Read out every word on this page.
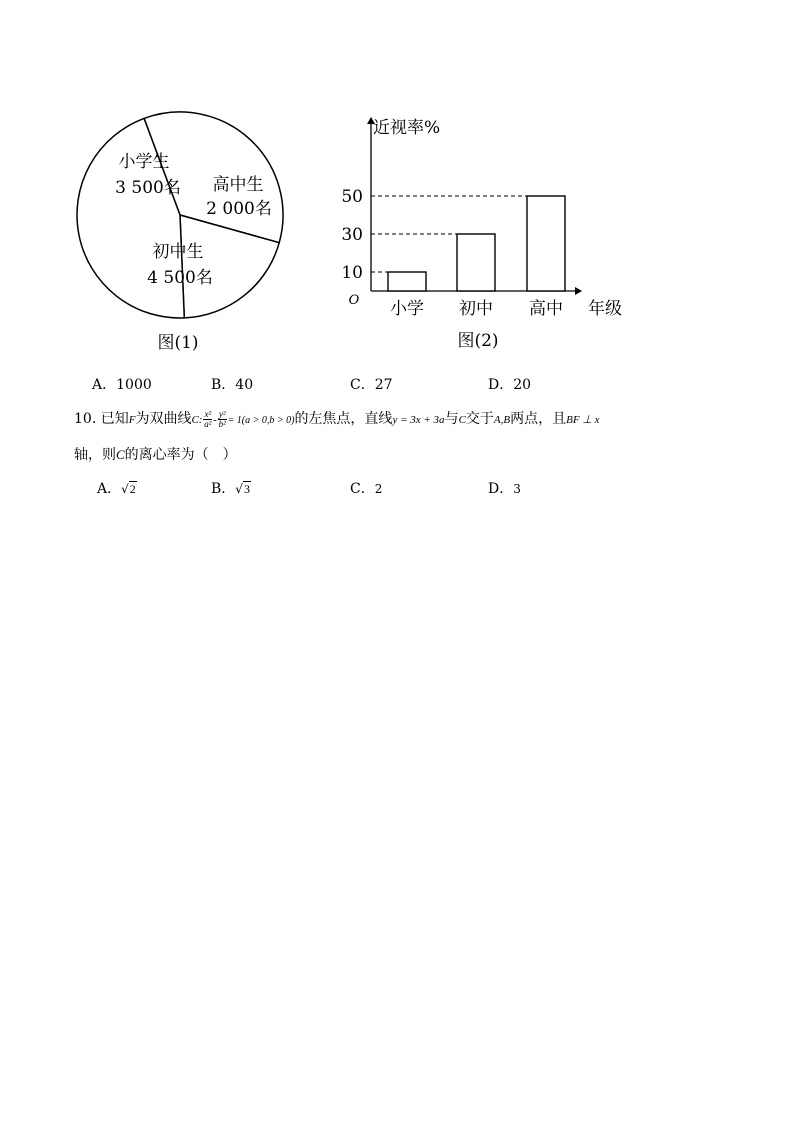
小学生
3 500名 高中生
2 000名
初中生
4 500名
图(1)
10
小学
30
初中
50
高中
近视率%
年级
O
图(2)
A．1000	B．40	C．27	D．20
10. 已知F为双曲线C: $\frac{\text{x²}}{\text{a²}} - \frac{\text{y²}}{\text{b²}} = 1(a > 0,b > 0)$的左焦点，直线y = 3x + 3a与C交于A,B两点，且BF ⊥ x
轴，则C的离心率为（　）
A．√2	B．√3	C．2	D．3
